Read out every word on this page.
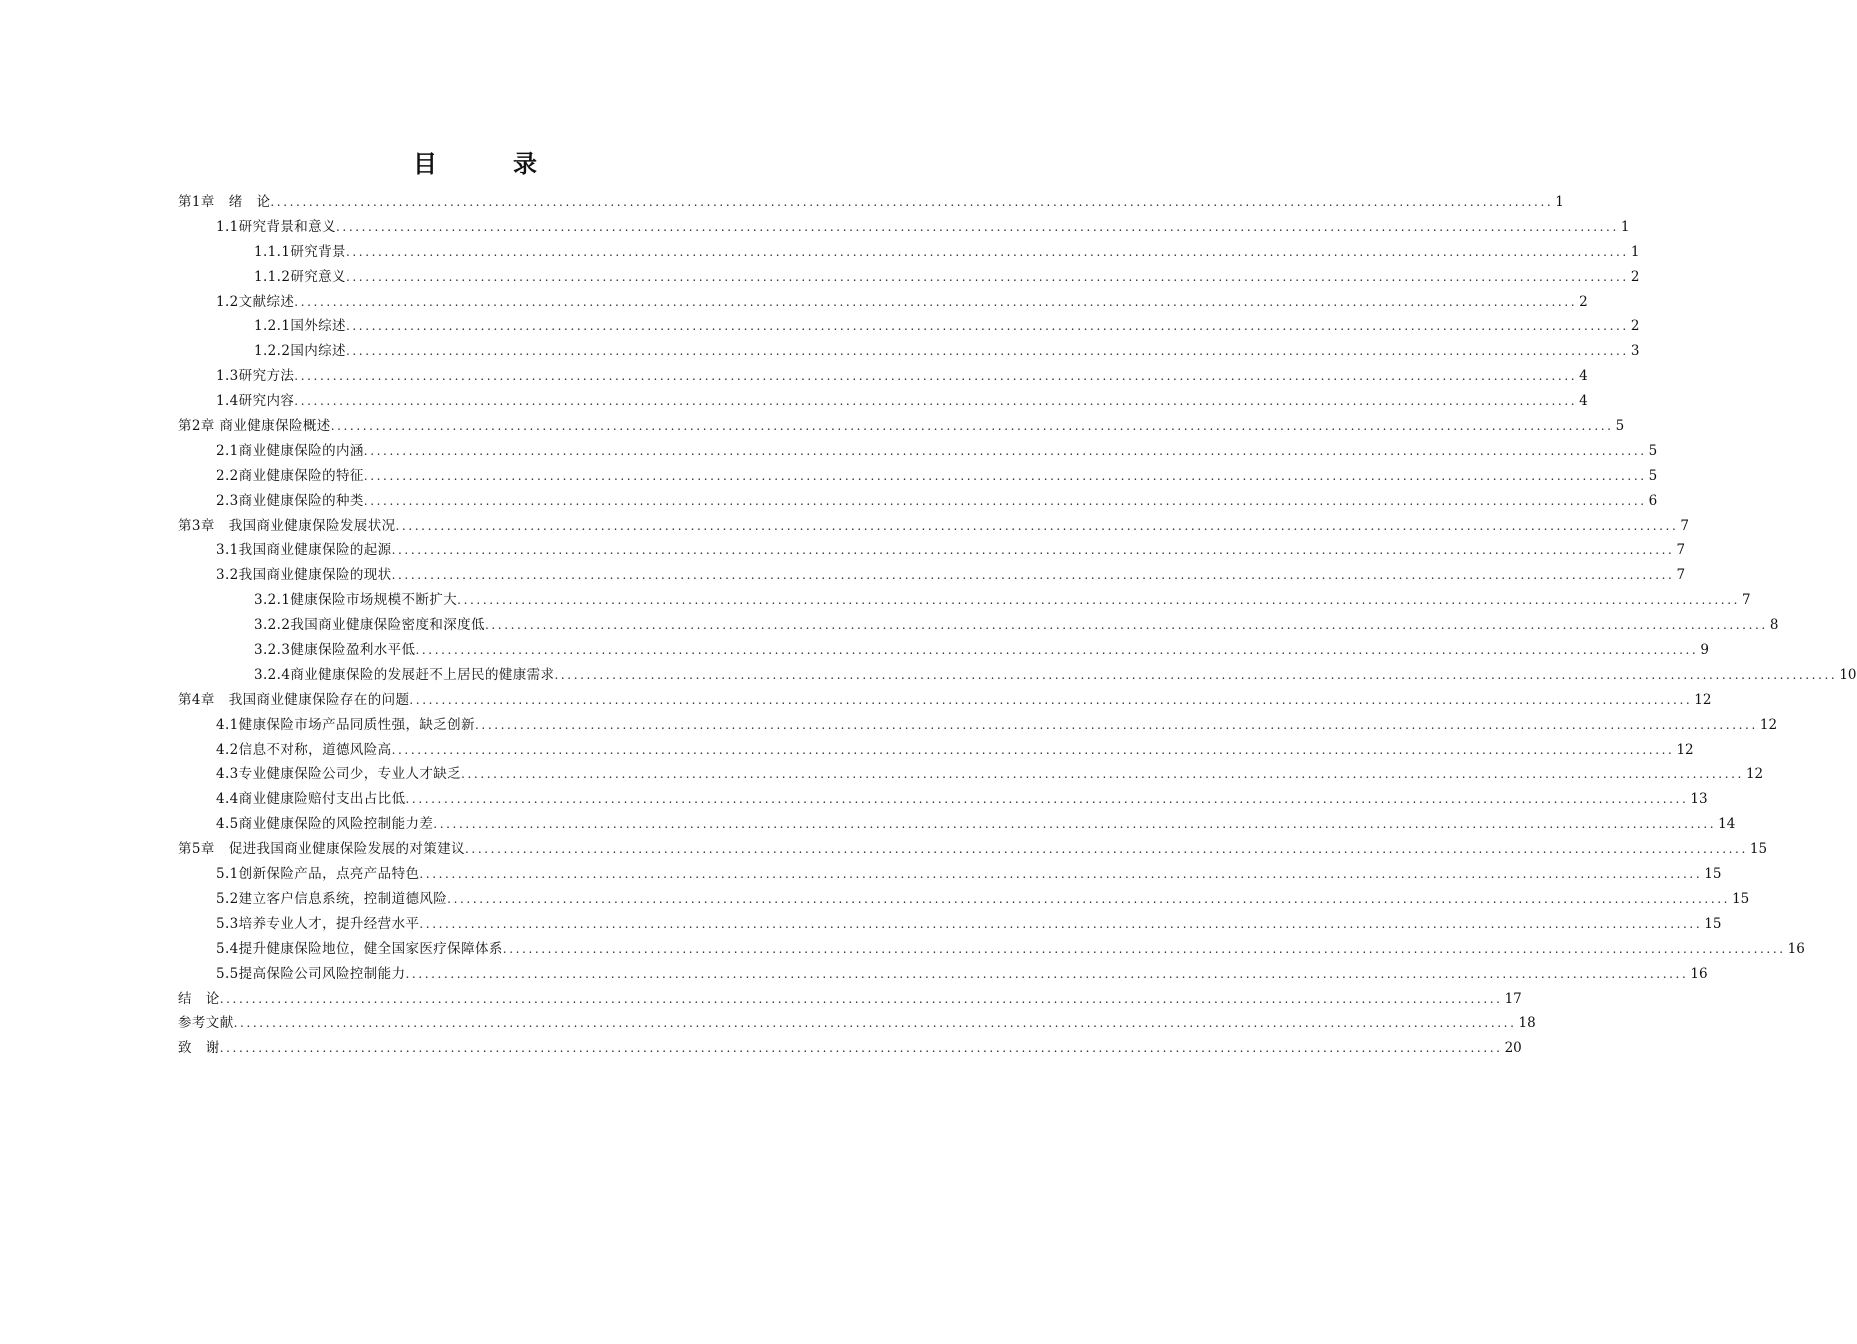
目　录
第1章　绪　论 ........................................................................................................................................................................................................ 1
1.1研究背景和意义 ........................................................................................................................................................................................................ 1
1.1.1研究背景 ........................................................................................................................................................................................................ 1
1.1.2研究意义 ........................................................................................................................................................................................................ 2
1.2文献综述 ........................................................................................................................................................................................................ 2
1.2.1国外综述 ........................................................................................................................................................................................................ 2
1.2.2国内综述 ........................................................................................................................................................................................................ 3
1.3研究方法 ........................................................................................................................................................................................................ 4
1.4研究内容 ........................................................................................................................................................................................................ 4
第2章 商业健康保险概述 ........................................................................................................................................................................................................ 5
2.1商业健康保险的内涵 ........................................................................................................................................................................................................ 5
2.2商业健康保险的特征 ........................................................................................................................................................................................................ 5
2.3商业健康保险的种类 ........................................................................................................................................................................................................ 6
第3章　我国商业健康保险发展状况 ........................................................................................................................................................................................................ 7
3.1我国商业健康保险的起源 ........................................................................................................................................................................................................ 7
3.2我国商业健康保险的现状 ........................................................................................................................................................................................................ 7
3.2.1健康保险市场规模不断扩大 ........................................................................................................................................................................................................ 7
3.2.2我国商业健康保险密度和深度低 ........................................................................................................................................................................................................ 8
3.2.3健康保险盈利水平低 ........................................................................................................................................................................................................ 9
3.2.4商业健康保险的发展赶不上居民的健康需求 ........................................................................................................................................................................................................ 10
第4章　我国商业健康保险存在的问题 ........................................................................................................................................................................................................ 12
4.1健康保险市场产品同质性强，缺乏创新 ........................................................................................................................................................................................................ 12
4.2信息不对称，道德风险高 ........................................................................................................................................................................................................ 12
4.3专业健康保险公司少，专业人才缺乏 ........................................................................................................................................................................................................ 12
4.4商业健康险赔付支出占比低 ........................................................................................................................................................................................................ 13
4.5商业健康保险的风险控制能力差 ........................................................................................................................................................................................................ 14
第5章　促进我国商业健康保险发展的对策建议 ........................................................................................................................................................................................................ 15
5.1创新保险产品，点亮产品特色 ........................................................................................................................................................................................................ 15
5.2建立客户信息系统，控制道德风险 ........................................................................................................................................................................................................ 15
5.3培养专业人才，提升经营水平 ........................................................................................................................................................................................................ 15
5.4提升健康保险地位，健全国家医疗保障体系 ........................................................................................................................................................................................................ 16
5.5提高保险公司风险控制能力 ........................................................................................................................................................................................................ 16
结　论 ........................................................................................................................................................................................................ 17
参考文献 ........................................................................................................................................................................................................ 18
致　谢 ........................................................................................................................................................................................................ 20
